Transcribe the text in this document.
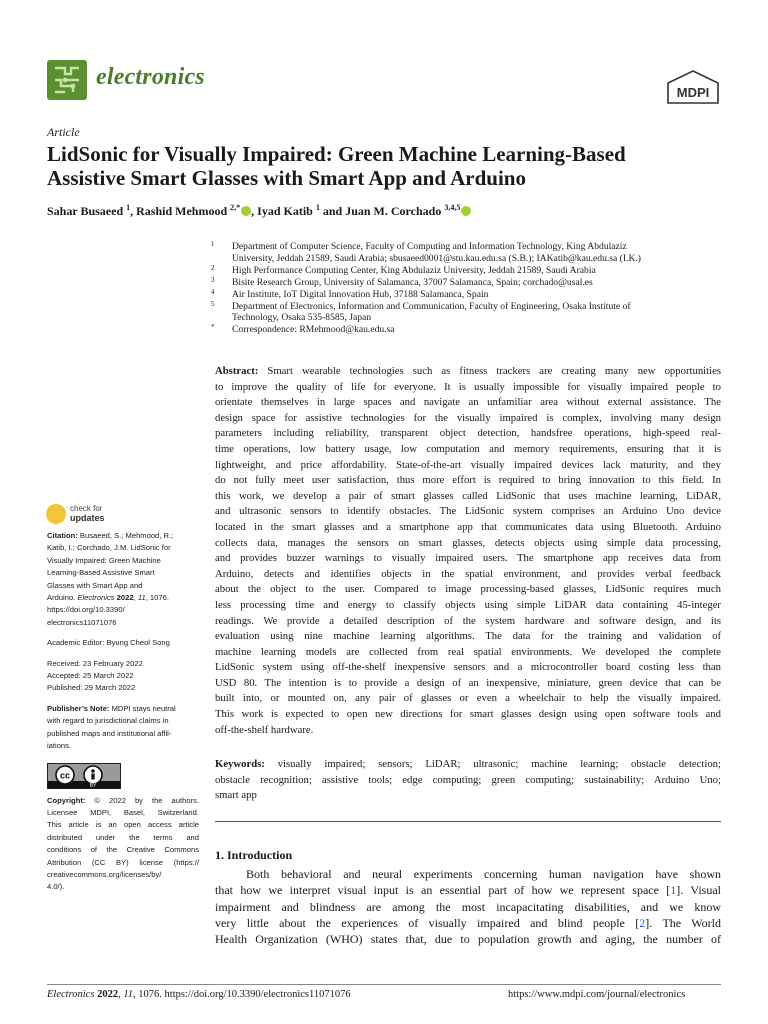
electronics
MDPI
Article
LidSonic for Visually Impaired: Green Machine Learning-Based
Assistive Smart Glasses with Smart App and Arduino
Sahar Busaeed $^1$, Rashid Mehmood $^{2,*}$ , Iyad Katib $^1$ and Juan M. Corchado $^{3,4,5}$
1 Department of Computer Science, Faculty of Computing and Information Technology, King Abdulaziz
University, Jeddah 21589, Saudi Arabia; sbusaeed0001@stu.kau.edu.sa (S.B.); IAKatib@kau.edu.sa (I.K.)
2 High Performance Computing Center, King Abdulaziz University, Jeddah 21589, Saudi Arabia
3 Bisite Research Group, University of Salamanca, 37007 Salamanca, Spain; corchado@usal.es
4 Air Institute, IoT Digital Innovation Hub, 37188 Salamanca, Spain
5 Department of Electronics, Information and Communication, Faculty of Engineering, Osaka Institute of
Technology, Osaka 535-8585, Japan
* Correspondence: RMehmood@kau.edu.sa
Abstract: Smart wearable technologies such as fitness trackers are creating many new opportunities
to improve the quality of life for everyone. It is usually impossible for visually impaired people to
orientate themselves in large spaces and navigate an unfamiliar area without external assistance. The
design space for assistive technologies for the visually impaired is complex, involving many design
parameters including reliability, transparent object detection, handsfree operations, high-speed real-
time operations, low battery usage, low computation and memory requirements, ensuring that it is
lightweight, and price affordability. State-of-the-art visually impaired devices lack maturity, and they
do not fully meet user satisfaction, thus more effort is required to bring innovation to this field. In
this work, we develop a pair of smart glasses called LidSonic that uses machine learning, LiDAR,
and ultrasonic sensors to identify obstacles. The LidSonic system comprises an Arduino Uno device
located in the smart glasses and a smartphone app that communicates data using Bluetooth. Arduino
collects data, manages the sensors on smart glasses, detects objects using simple data processing,
and provides buzzer warnings to visually impaired users. The smartphone app receives data from
Arduino, detects and identifies objects in the spatial environment, and provides verbal feedback
about the object to the user. Compared to image processing-based glasses, LidSonic requires much
less processing time and energy to classify objects using simple LiDAR data containing 45-integer
readings. We provide a detailed description of the system hardware and software design, and its
evaluation using nine machine learning algorithms. The data for the training and validation of
machine learning models are collected from real spatial environments. We developed the complete
LidSonic system using off-the-shelf inexpensive sensors and a microcontroller board costing less than
USD 80. The intention is to provide a design of an inexpensive, miniature, green device that can be
built into, or mounted on, any pair of glasses or even a wheelchair to help the visually impaired.
This work is expected to open new directions for smart glasses design using open software tools and
off-the-shelf hardware.
Keywords: visually impaired; sensors; LiDAR; ultrasonic; machine learning; obstacle detection;
obstacle recognition; assistive tools; edge computing; green computing; sustainability; Arduino Uno;
smart app
1. Introduction
Both behavioral and neural experiments concerning human navigation have shown
that how we interpret visual input is an essential part of how we represent space [1]. Visual
impairment and blindness are among the most incapacitating disabilities, and we know
very little about the experiences of visually impaired and blind people [2]. The World
Health Organization (WHO) states that, due to population growth and aging, the number of
check for
updates
Citation: Busaeed, S.; Mehmood, R.;
Katib, I.; Corchado, J.M. LidSonic for
Visually Impaired: Green Machine
Learning-Based Assistive Smart
Glasses with Smart App and
Arduino. Electronics 2022, 11, 1076.
https://doi.org/10.3390/
electronics11071076
Academic Editor: Byung Cheol Song
Received: 23 February 2022
Accepted: 25 March 2022
Published: 29 March 2022
Publisher’s Note: MDPI stays neutral
with regard to jurisdictional claims in
published maps and institutional affil-
iations.
cc
BY
Copyright: © 2022 by the authors.
Licensee MDPI, Basel, Switzerland.
This article is an open access article
distributed under the terms and
conditions of the Creative Commons
Attribution (CC BY) license (https://
creativecommons.org/licenses/by/
4.0/).
Electronics 2022, 11, 1076. https://doi.org/10.3390/electronics11071076	https://www.mdpi.com/journal/electronics
